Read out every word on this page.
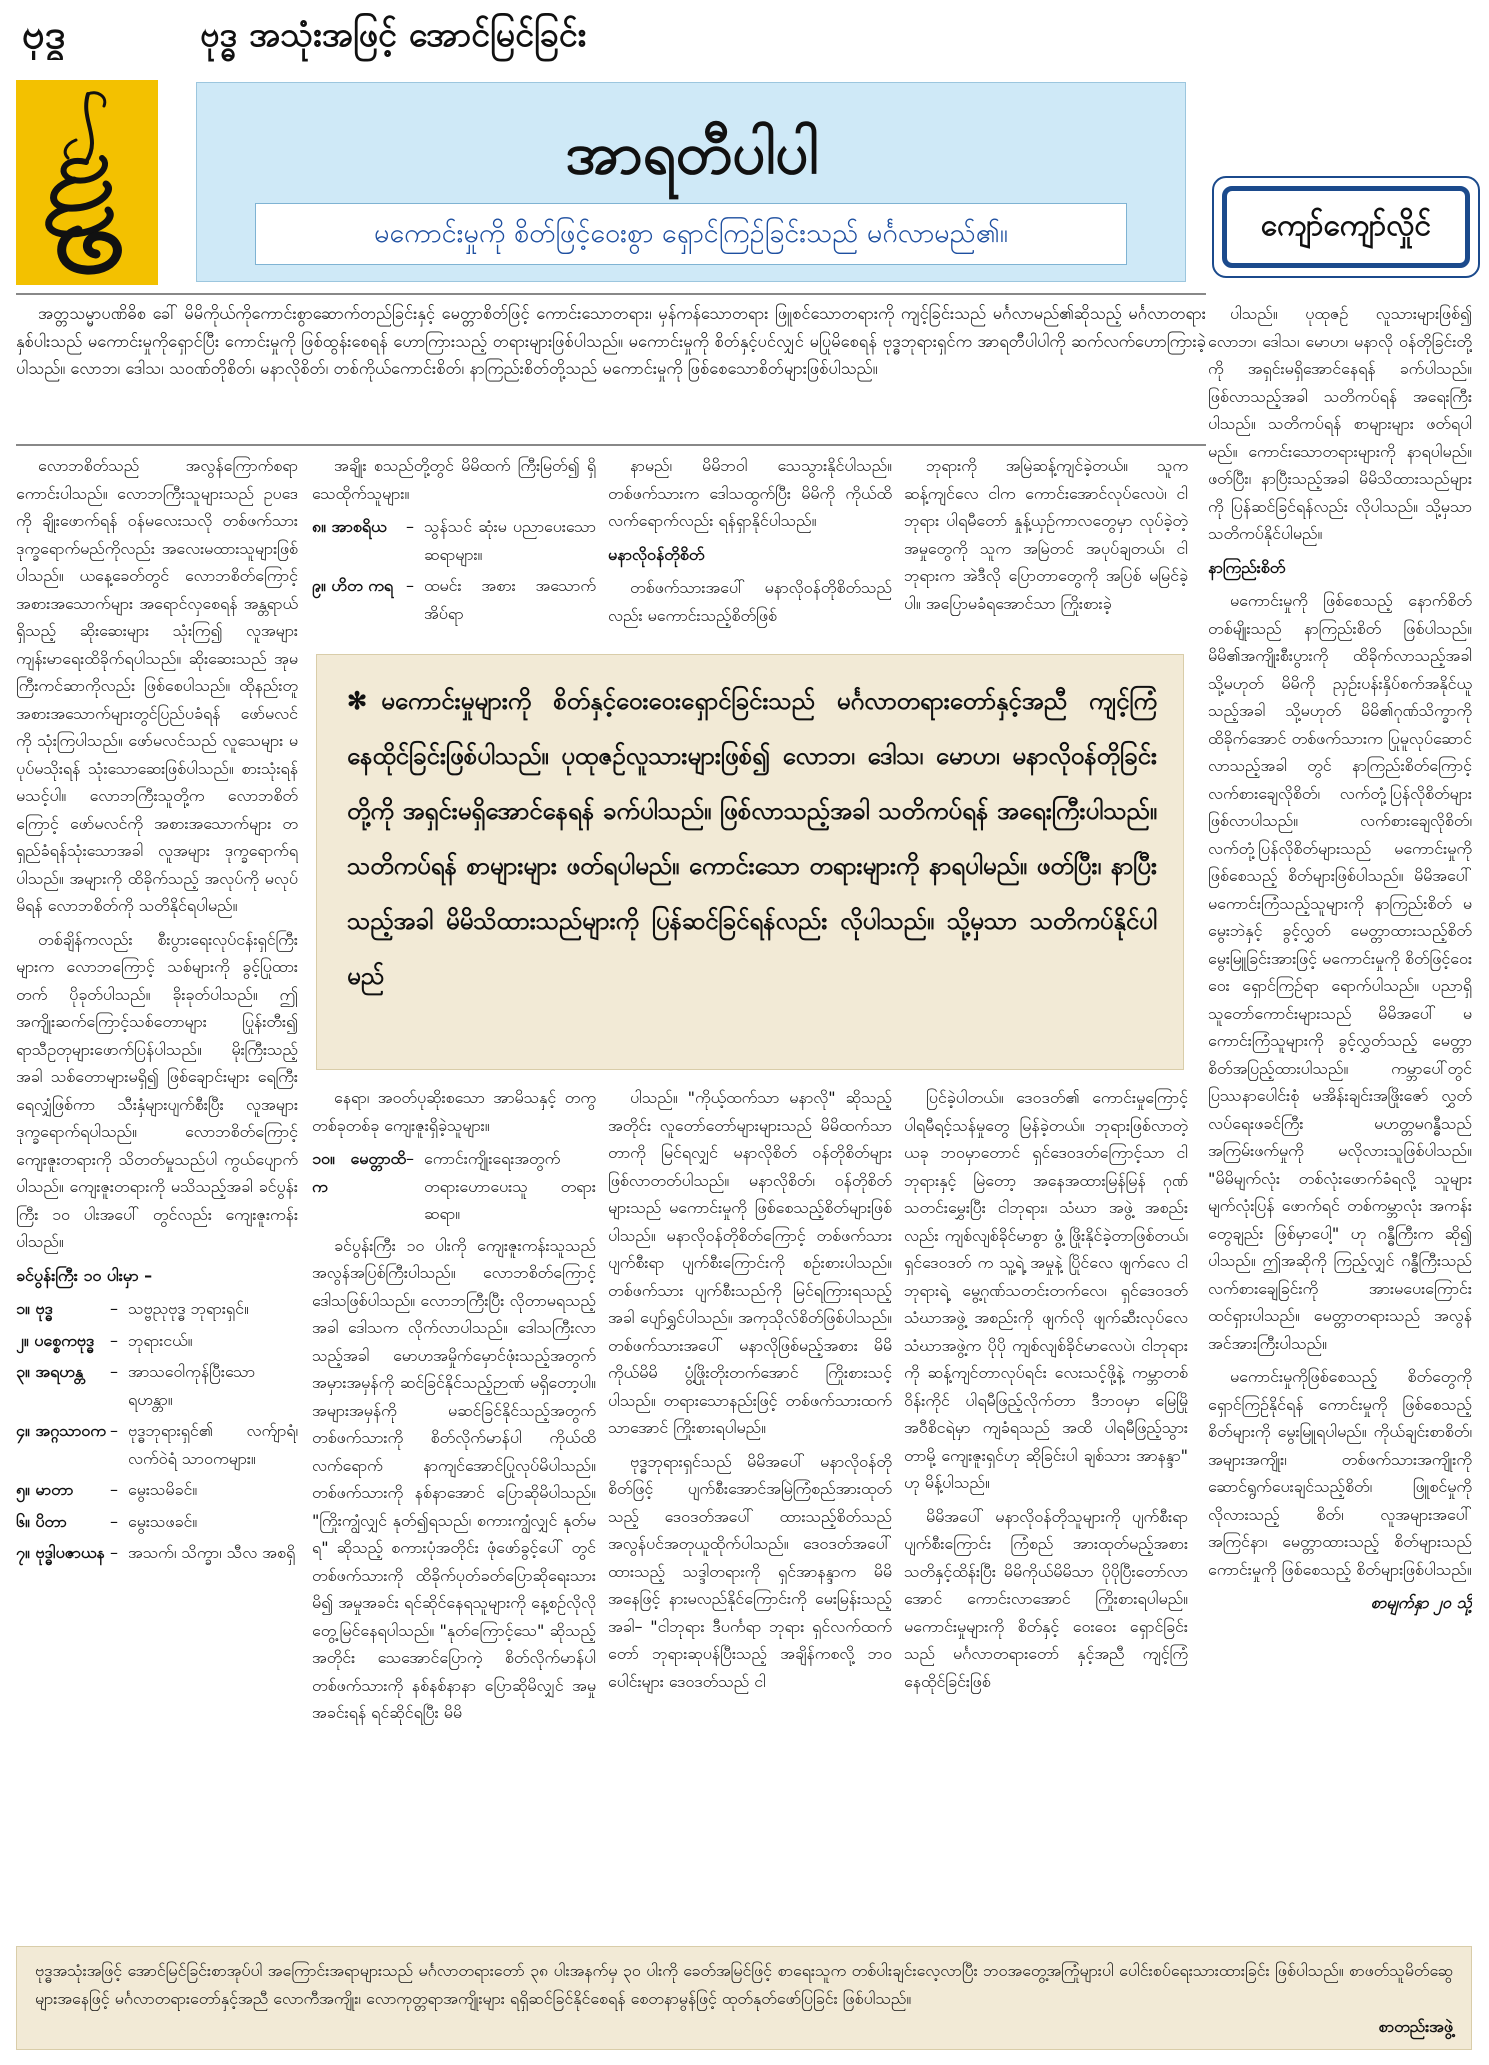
ဗုဒ္ဓ	ဗုဒ္ဓ အသုံးအဖြင့် အောင်မြင်ခြင်း
အာရတီပါပါ
မကောင်းမှုကို စိတ်ဖြင့်ဝေးစွာ ရှောင်ကြဉ်ခြင်းသည် မင်္ဂလာမည်၏။	ကျော်ကျော်လှိုင်

အတ္တသမ္မာပဏိဓိစ ခေါ် မိမိကိုယ်ကိုကောင်းစွာဆောက်တည်ခြင်းနှင့် မေတ္တာစိတ်ဖြင့် ကောင်းသောတရား၊ မှန်ကန်သောတရား ဖြူစင်သောတရားကို ကျင့်ခြင်းသည် မင်္ဂလာမည်၏ဆိုသည့် မင်္ဂလာတရားနှစ်ပါးသည် မကောင်းမှုကိုရှောင်ပြီး ကောင်းမှုကို ဖြစ်ထွန်းစေရန် ဟောကြားသည့် တရားများဖြစ်ပါသည်။ မကောင်းမှုကို စိတ်နှင့်ပင်လျှင် မပြုမိစေရန် ဗုဒ္ဓဘုရားရှင်က အာရတီပါပါကို ဆက်လက်ဟောကြားခဲ့ပါသည်။ လောဘ၊ ဒေါသ၊ သဝဏ်တိုစိတ်၊ မနာလိုစိတ်၊ တစ်ကိုယ်ကောင်းစိတ်၊ နာကြည်းစိတ်တို့သည် မကောင်းမှုကို ဖြစ်စေသောစိတ်များဖြစ်ပါသည်။

လောဘစိတ်သည် အလွန်ကြောက်စရာကောင်းပါသည်။ လောဘကြီးသူများသည် ဥပဒေကို ချိုးဖောက်ရန် ဝန်မလေးသလို တစ်ဖက်သား ဒုက္ခရောက်မည်ကိုလည်း အလေးမထားသူများဖြစ်ပါသည်။ ယနေ့ခေတ်တွင် လောဘစိတ်ကြောင့် အစားအသောက်များ အရောင်လှစေရန် အန္တရာယ်ရှိသည့် ဆိုးဆေးများ သုံးကြ၍ လူအများ ကျန်းမာရေးထိခိုက်ရပါသည်။ ဆိုးဆေးသည် အုမကြီးကင်ဆာကိုလည်း ဖြစ်စေပါသည်။ ထိုနည်းတူ အစားအသောက်များတွင်ပြည်ပခံရန် ဖော်မလင်ကို သုံးကြပါသည်။ ဖော်မလင်သည် လူသေများ မပုပ်မသိုးရန် သုံးသောဆေးဖြစ်ပါသည်။ စားသုံးရန် မသင့်ပါ။ လောဘကြီးသူတို့က လောဘစိတ်ကြောင့် ဖော်မလင်ကို အစားအသောက်များ တရှည်ခံရန်သုံးသောအခါ လူအများ ဒုက္ခရောက်ရပါသည်။ အများကို ထိခိုက်သည့် အလုပ်ကို မလုပ်မိရန် လောဘစိတ်ကို သတိနိုင်ရပါမည်။

တစ်ချိန်ကလည်း စီးပွားရေးလုပ်ငန်းရှင်ကြီးများက လောဘကြောင့် သစ်များကို ခွင့်ပြုထားတက် ပိုခုတ်ပါသည်။ ခိုးခုတ်ပါသည်။ ဤအကျိုးဆက်ကြောင့်သစ်တောများ ပြုန်းတီး၍ ရာသီဥတုများဖောက်ပြန်ပါသည်။ မိုးကြီးသည့်အခါ သစ်တောများမရှိ၍ ဖြစ်ချောင်းများ ရေကြီးရေလျှံဖြစ်ကာ သီးနှံများပျက်စီးပြီး လူအများ ဒုက္ခရောက်ရပါသည်။ လောဘစိတ်ကြောင့် ကျေးဇူးတရားကို သိတတ်မှုသည်ပါ ကွယ်ပျောက်ပါသည်။ ကျေးဇူးတရားကို မသိသည့်အခါ ခင်ပွန်းကြီး ၁၀ ပါးအပေါ် တွင်လည်း ကျေးဇူးကန်းပါသည်။

ခင်ပွန်းကြီး ၁၀ ပါးမှာ –

၁။ ဗုဒ္ဓ	– သဗ္ဗညုဗုဒ္ဓ ဘုရားရှင်။
၂။ ပစ္စေကဗုဒ္ဓ – ဘုရားငယ်။
၃။ အရဟန္တ	– အာသဝေါကုန်ပြီးသော ရဟန္တာ။
၄။ အဂ္ဂသာဝက – ဗုဒ္ဓဘုရားရှင်၏ လက်ျာရံ၊ လက်ဝဲရံ သာဝကများ။
၅။ မာတာ	– မွေးသမိခင်။
၆။ ပိတာ	– မွေးသဖခင်။
၇။ ဗုဒ္ဓါပဇာယန – အသက်၊ သိက္ခာ၊ သီလ အစရှိ

အချိုး စသည်တို့တွင် မိမိထက် ကြီးမြတ်၍ ရှိသေထိုက်သူများ။

၈။ အာစရိယ	– သွန်သင် ဆုံးမ ပညာပေးသော ဆရာများ။
၉။ ဟိတ ကရ – ထမင်း အစား အသောက်အိပ်ရာ

နာမည်၊ မိမိဘဝါ သေသွားနိုင်ပါသည်။ တစ်ဖက်သားက ဒေါသထွက်ပြီး မိမိကို ကိုယ်ထိလက်ရောက်လည်း ရန်ရှာနိုင်ပါသည်။

မနာလိုဝန်တိုစိတ်

တစ်ဖက်သားအပေါ် မနာလိုဝန်တိုစိတ်သည်လည်း မကောင်းသည့်စိတ်ဖြစ်

ဘုရားကို အမြဲဆန့်ကျင်ခဲ့တယ်။ သူက ဆန့်ကျင်လေ ငါက ကောင်းအောင်လုပ်လေပဲ၊ ငါဘုရား ပါရမီတော် နှုန့်ယှဉ်ကာလတွေမှာ လုပ်ခဲ့တဲ့အမှုတွေကို သူက အမြဲတင် အပုပ်ချတယ်၊ ငါဘုရားက အဲဒီလို ပြောတာတွေကို အပြစ် မမြင်ခဲ့ပါ။ အပြောမခံရအောင်သာ ကြိုးစားခဲ့

✻ မကောင်းမှုများကို စိတ်နှင့်ဝေးဝေးရှောင်ခြင်းသည် မင်္ဂလာတရားတော်နှင့်အညီ ကျင့်ကြံနေထိုင်ခြင်းဖြစ်ပါသည်။ ပုထုဇဉ်လူသားများဖြစ်၍ လောဘ၊ ဒေါသ၊ မောဟ၊ မနာလိုဝန်တိုခြင်းတို့ကို အရှင်းမရှိအောင်နေရန် ခက်ပါသည်။ ဖြစ်လာသည့်အခါ သတိကပ်ရန် အရေးကြီးပါသည်။ သတိကပ်ရန် စာများများ ဖတ်ရပါမည်။ ကောင်းသော တရားများကို နာရပါမည်။ ဖတ်ပြီး၊ နာပြီးသည့်အခါ မိမိသိထားသည်များကို ပြန်ဆင်ခြင်ရန်လည်း လိုပါသည်။ သို့မှသာ သတိကပ်နိုင်ပါမည်

နေရာ၊ အဝတ်ပုဆိုးစသော အာမိသနှင့် တကွ တစ်ခုတစ်ခု ကျေးဇူးရှိခဲ့သူများ။

၁၀။ မေတ္တာထိက
– ကောင်းကျိုးရေးအတွက် တရားဟောပေးသူ တရားဆရာ။

ခင်ပွန်းကြီး ၁၀ ပါးကို ကျေးဇူးကန်းသူသည် အလွန်အပြစ်ကြီးပါသည်။ လောဘစိတ်ကြောင့် ဒေါသဖြစ်ပါသည်။ လောဘကြီးပြီး လိုတာမရသည့်အခါ ဒေါသက လိုက်လာပါသည်။ ဒေါသကြီးလာသည့်အခါ မောဟအမှိုက်မှောင်ဖုံးသည့်အတွက် အမှားအမှန်ကို ဆင်ခြင်နိုင်သည့်ဉာဏ် မရှိတော့ပါ။ အများအမှန်ကို မဆင်ခြင်နိုင်သည့်အတွက် တစ်ဖက်သားကို စိတ်လိုက်မာန်ပါ ကိုယ်ထိလက်ရောက် နာကျင်အောင်ပြုလုပ်မိပါသည်။ တစ်ဖက်သားကို နစ်နာအောင် ပြောဆိုမိပါသည်။ "ကြိုးကျွံလျှင် နုတ်၍ရသည်၊ စကားကျွံလျှင် နုတ်မရ" ဆိုသည့် စကားပုံအတိုင်း ဖုံဖော်ခွင့်ပေါ် တွင် တစ်ဖက်သားကို ထိခိုက်ပုတ်ခတ်ပြောဆိုရေးသားမိ၍ အမှုအခင်း ရင်ဆိုင်နေရသူများကို နေ့စဉ်လိုလို တွေ့မြင်နေရပါသည်။ "နုတ်ကြောင့်သေ" ဆိုသည့် အတိုင်း သေအောင်ပြောကဲ့ စိတ်လိုက်မာန်ပါ တစ်ဖက်သားကို နစ်နစ်နာနာ ပြောဆိုမိလျှင် အမှုအခင်းရန် ရင်ဆိုင်ရပြီး မိမိ

ပါသည်။ "ကိုယ့်ထက်သာ မနာလို" ဆိုသည့်အတိုင်း လူတော်တော်များများသည် မိမိထက်သာတာကို မြင်ရလျှင် မနာလိုစိတ် ဝန်တိုစိတ်များ ဖြစ်လာတတ်ပါသည်။ မနာလိုစိတ်၊ ဝန်တိုစိတ်များသည် မကောင်းမှုကို ဖြစ်စေသည့်စိတ်များဖြစ်ပါသည်။ မနာလိုဝန်တိုစိတ်ကြောင့် တစ်ဖက်သား ပျက်စီးရာ ပျက်စီးကြောင်းကို စဉ်းစားပါသည်။ တစ်ဖက်သား ပျက်စီးသည်ကို မြင်ရကြားရသည့်အခါ ပျော်ရွှင်ပါသည်။ အကုသိုလ်စိတ်ဖြစ်ပါသည်။ တစ်ဖက်သားအပေါ် မနာလိုဖြစ်မည့်အစား မိမိကိုယ်မိမိ ပွံ့ဖြိုးတိုးတက်အောင် ကြိုးစားသင့်ပါသည်။ တရားသောနည်းဖြင့် တစ်ဖက်သားထက်သာအောင် ကြိုးစားရပါမည်။

ဗုဒ္ဓဘုရားရှင်သည် မိမိအပေါ် မနာလိုဝန်တိုစိတ်ဖြင့် ပျက်စီးအောင်အမြဲကြံစည်အားထုတ်သည့် ဒေဝဒတ်အပေါ် ထားသည့်စိတ်သည် အလွန်ပင်အတုယူထိုက်ပါသည်။ ဒေဝဒတ်အပေါ်ထားသည့် သဒ္ဒါတရားကို ရှင်အာနန္ဒာက မိမိအနေဖြင့် နားမလည်နိုင်ကြောင်းကို မေးမြန်းသည့်အခါ– "ငါဘုရား ဒီပင်္ကရာ ဘုရား ရှင်လက်ထက်တော် ဘုရားဆုပန်ပြီးသည့် အချိန်ကစလို့ ဘဝပေါင်းများ ဒေဝဒတ်သည် ငါ

ပြင်ခဲ့ပါတယ်။ ဒေဝဒတ်၏ ကောင်းမှုကြောင့် ပါရမီရင့်သန်မှုတွေ မြန်ခဲ့တယ်။ ဘုရားဖြစ်လာတဲ့ ယခု ဘဝမှာတောင် ရှင်ဒေဝဒတ်ကြောင့်သာ ငါဘုရားနှင့် မြဲတော့ အနေအထားမြန်မြန် ဂုဏ်သတင်းမွှေးပြီး ငါဘုရား၊ သံဃာ အဖွဲ့ အစည်းလည်း ကျစ်လျစ်ခိုင်မာစွာ ဖွံ့ ဖြိုးနိုင်ခဲ့တာဖြစ်တယ်၊ ရှင်ဒေဝဒတ် က သူ့ရဲ့ အမှုနဲ့ ပြိုင်လေ ဖျက်လေ ငါဘုရားရဲ့ မွေ့ဂုဏ်သတင်းတက်လေ၊ ရှင်ဒေဝဒတ် သံဃာအဖွဲ့ အစည်းကို ဖျက်လို ဖျက်ဆီးလုပ်လေ သံဃာအဖွဲ့က ပိုပို ကျစ်လျစ်ခိုင်မာလေပဲ၊ ငါဘုရားကို ဆန့်ကျင်တာလုပ်ရင်း လေးသင့်ဖို့နဲ့ ကမ္ဘာတစ်ဝိန်းကိုင် ပါရမီဖြည့်လိုက်တာ ဒီဘဝမှာ မြေမြိုအဝီစိငရဲမှာ ကျခံရသည် အထိ ပါရမီဖြည့်သွားတာမို့ ကျေးဇူးရှင်ဟု ဆိုခြင်းပါ ချစ်သား အာနန္ဒာ" ဟု မိန့်ပါသည်။

မိမိအပေါ် မနာလိုဝန်တိုသူများကို ပျက်စီးရာပျက်စီးကြောင်း ကြံစည် အားထုတ်မည့်အစား သတိနှင့်ထိန်းပြီး မိမိကိုယ်မိမိသာ ပိုပိုပြီးတော်လာအောင် ကောင်းလာအောင် ကြိုးစားရပါမည်။ မကောင်းမှုများကို စိတ်နှင့် ဝေးဝေး ရှောင်ခြင်းသည် မင်္ဂလာတရားတော် နှင့်အညီ ကျင့်ကြံနေထိုင်ခြင်းဖြစ်

ပါသည်။ ပုထုဇဉ် လူသားများဖြစ်၍ လောဘ၊ ဒေါသ၊ မောဟ၊ မနာလို ဝန်တိုခြင်းတို့ကို အရှင်းမရှိအောင်နေရန် ခက်ပါသည်။ ဖြစ်လာသည့်အခါ သတိကပ်ရန် အရေးကြီးပါသည်။ သတိကပ်ရန် စာများများ ဖတ်ရပါမည်။ ကောင်းသောတရားများကို နာရပါမည်။ ဖတ်ပြီး၊ နာပြီးသည့်အခါ မိမိသိထားသည်များကို ပြန်ဆင်ခြင်ရန်လည်း လိုပါသည်။ သို့မှသာ သတိကပ်နိုင်ပါမည်။

နာကြည်းစိတ်

မကောင်းမှုကို ဖြစ်စေသည့် နောက်စိတ်တစ်မျိုးသည် နာကြည်းစိတ် ဖြစ်ပါသည်။ မိမိ၏အကျိုးစီးပွားကို ထိခိုက်လာသည့်အခါ သို့မဟုတ် မိမိကို ညှဉ်းပန်းနှိပ်စက်အနိုင်ယူသည့်အခါ သို့မဟုတ် မိမိ၏ဂုဏ်သိက္ခာကို ထိခိုက်အောင် တစ်ဖက်သားက ပြုမူလုပ်ဆောင်လာသည့်အခါ တွင် နာကြည်းစိတ်ကြောင့် လက်စားချေလိုစိတ်၊ လက်တုံ့ပြန်လိုစိတ်များ ဖြစ်လာပါသည်။ လက်စားချေလိုစိတ်၊ လက်တုံ့ပြန်လိုစိတ်များသည် မကောင်းမှုကိုဖြစ်စေသည့် စိတ်များဖြစ်ပါသည်။ မိမိအပေါ် မကောင်းကြံသည့်သူများကို နာကြည်းစိတ် မမွေးဘဲနှင့် ခွင့်လွှတ် မေတ္တာထားသည့်စိတ် မွေးမြူခြင်းအားဖြင့် မကောင်းမှုကို စိတ်ဖြင့်ဝေးဝေး ရှောင်ကြဉ်ရာ ရောက်ပါသည်။ ပညာရှိသူတော်ကောင်းများသည် မိမိအပေါ် မကောင်းကြံသူများကို ခွင့်လွှတ်သည့် မေတ္တာစိတ်အပြည့်ထားပါသည်။ ကမ္ဘာပေါ်တွင် ပြဿနာပေါင်းစုံ မအိန်းချင်းအဖြိုးဇော် လွှတ်လပ်ရေးဖခင်ကြီး မဟတ္တမဂန္ဓီသည် အကြမ်းဖက်မှုကို မလိုလားသူဖြစ်ပါသည်။ "မိမိမျက်လုံး တစ်လုံးဖောက်ခံရလို့ သူများမျက်လုံးပြန် ဖောက်ရင် တစ်ကမ္ဘာလုံး အကန်းတွေချည်း ဖြစ်မှာပေါ့" ဟု ဂန္ဓီကြီးက ဆို၍ ပါသည်။ ဤအဆိုကို ကြည့်လျှင် ဂန္ဓီကြီးသည် လက်စားချေခြင်းကို အားမပေးကြောင်း ထင်ရှားပါသည်။ မေတ္တာတရားသည် အလွန်အင်အားကြီးပါသည်။

မကောင်းမှုကိုဖြစ်စေသည့် စိတ်တွေကို ရှောင်ကြဉ်နိုင်ရန် ကောင်းမှုကို ဖြစ်စေသည့် စိတ်များကို မွေးမြူရပါမည်။ ကိုယ်ချင်းစာစိတ်၊ အများအကျိုး၊ တစ်ဖက်သားအကျိုးကို ဆောင်ရွက်ပေးချင်သည့်စိတ်၊ ဖြူစင်မှုကို လိုလားသည့် စိတ်၊ လူအများအပေါ် အကြင်နာ၊ မေတ္တာထားသည့် စိတ်များသည် ကောင်းမှုကို ဖြစ်စေသည့် စိတ်များဖြစ်ပါသည်။

စာမျက်နှာ ၂၀ သို့

ဗုဒ္ဓအသုံးအဖြင့် အောင်မြင်ခြင်းစာအုပ်ပါ အကြောင်းအရာများသည် မင်္ဂလာတရားတော် ၃၈ ပါးအနက်မှ ၃၀ ပါးကို ခေတ်အမြင်ဖြင့် စာရေးသူက တစ်ပါးချင်းလေ့လာပြီး ဘဝအတွေ့အကြုံများပါ ပေါင်းစပ်ရေးသားထားခြင်း ဖြစ်ပါသည်။ စာဖတ်သူမိတ်ဆွေများအနေဖြင့် မင်္ဂလာတရားတော်နှင့်အညီ လောကီအကျိုး၊ လောကုတ္တရာအကျိုးများ ရရှိဆင်ခြင်နိုင်စေရန် စေတနာမွန်ဖြင့် ထုတ်နုတ်ဖော်ပြခြင်း ဖြစ်ပါသည်။
စာတည်းအဖွဲ့
